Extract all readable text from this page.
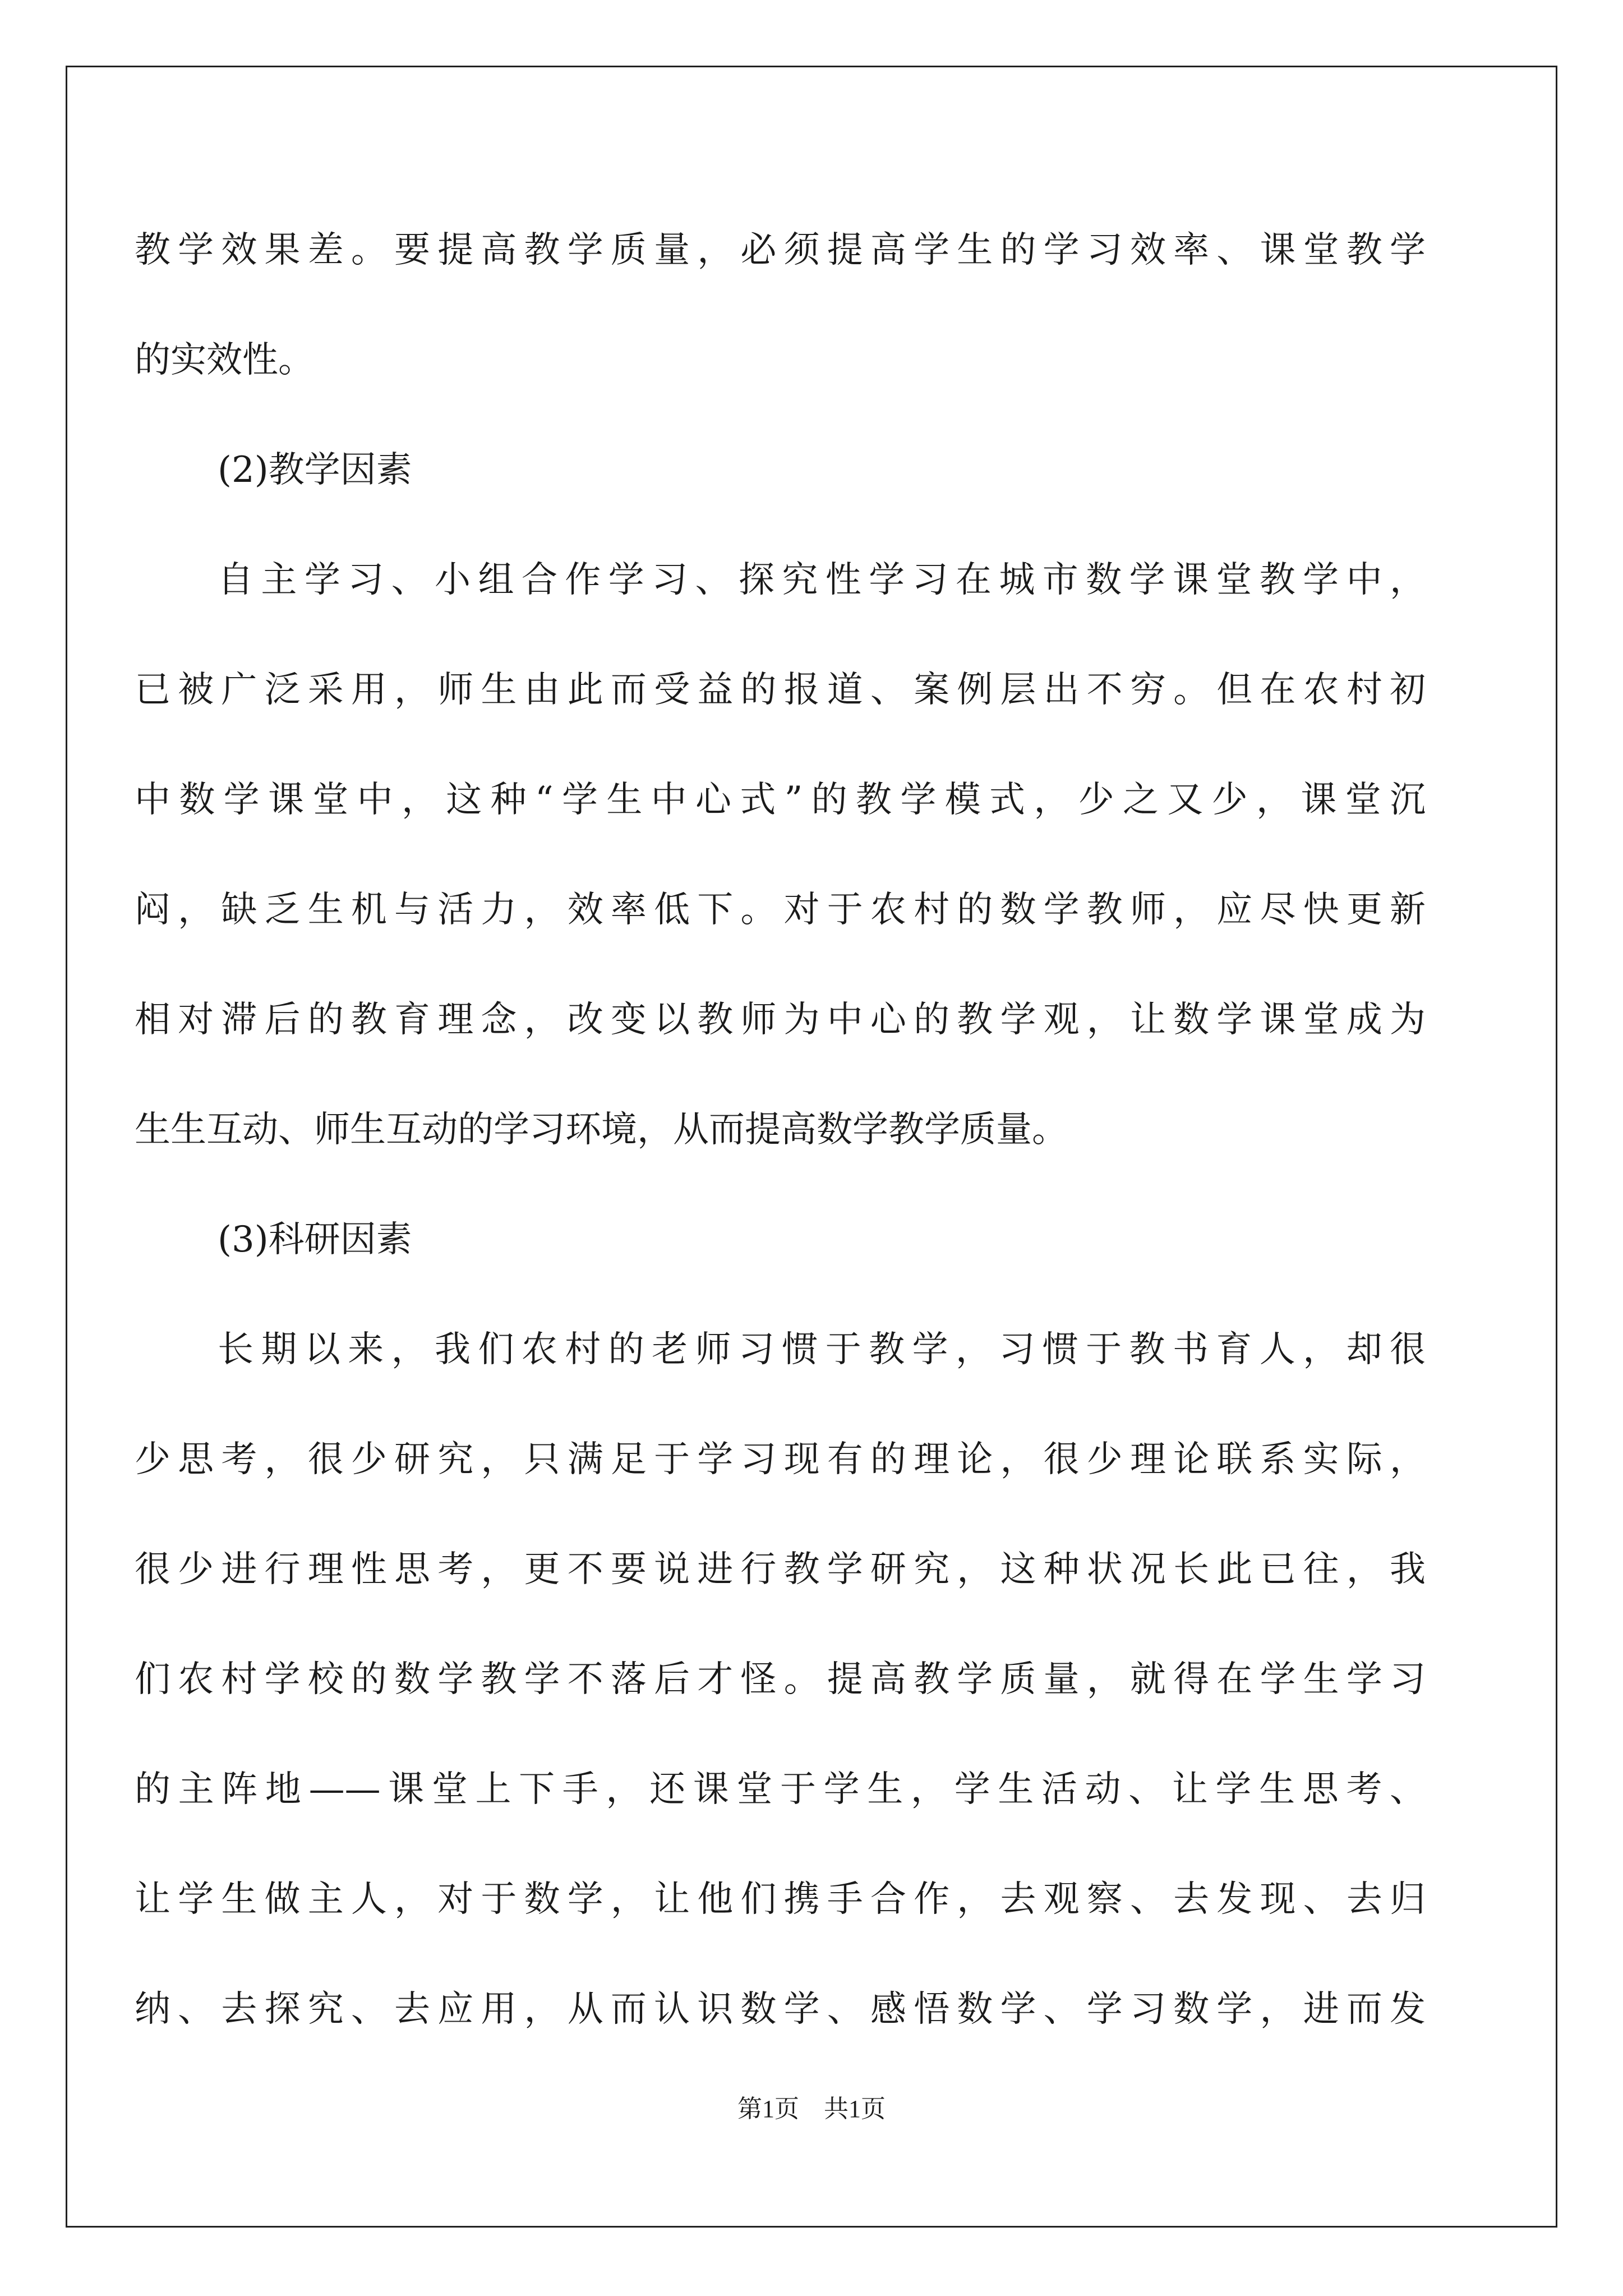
教学效果差。要提高教学质量，必须提高学生的学习效率、课堂教学
的实效性。
(2)教学因素
自主学习、小组合作学习、探究性学习在城市数学课堂教学中，
已被广泛采用，师生由此而受益的报道、案例层出不穷。但在农村初
中数学课堂中，这种“学生中心式”的教学模式，少之又少，课堂沉
闷，缺乏生机与活力，效率低下。对于农村的数学教师，应尽快更新
相对滞后的教育理念，改变以教师为中心的教学观，让数学课堂成为
生生互动、师生互动的学习环境，从而提高数学教学质量。
(3)科研因素
长期以来，我们农村的老师习惯于教学，习惯于教书育人，却很
少思考，很少研究，只满足于学习现有的理论，很少理论联系实际，
很少进行理性思考，更不要说进行教学研究，这种状况长此已往，我
们农村学校的数学教学不落后才怪。提高教学质量，就得在学生学习
的主阵地——课堂上下手，还课堂于学生，学生活动、让学生思考、
让学生做主人，对于数学，让他们携手合作，去观察、去发现、去归
纳、去探究、去应用，从而认识数学、感悟数学、学习数学，进而发
第1页 共1页
